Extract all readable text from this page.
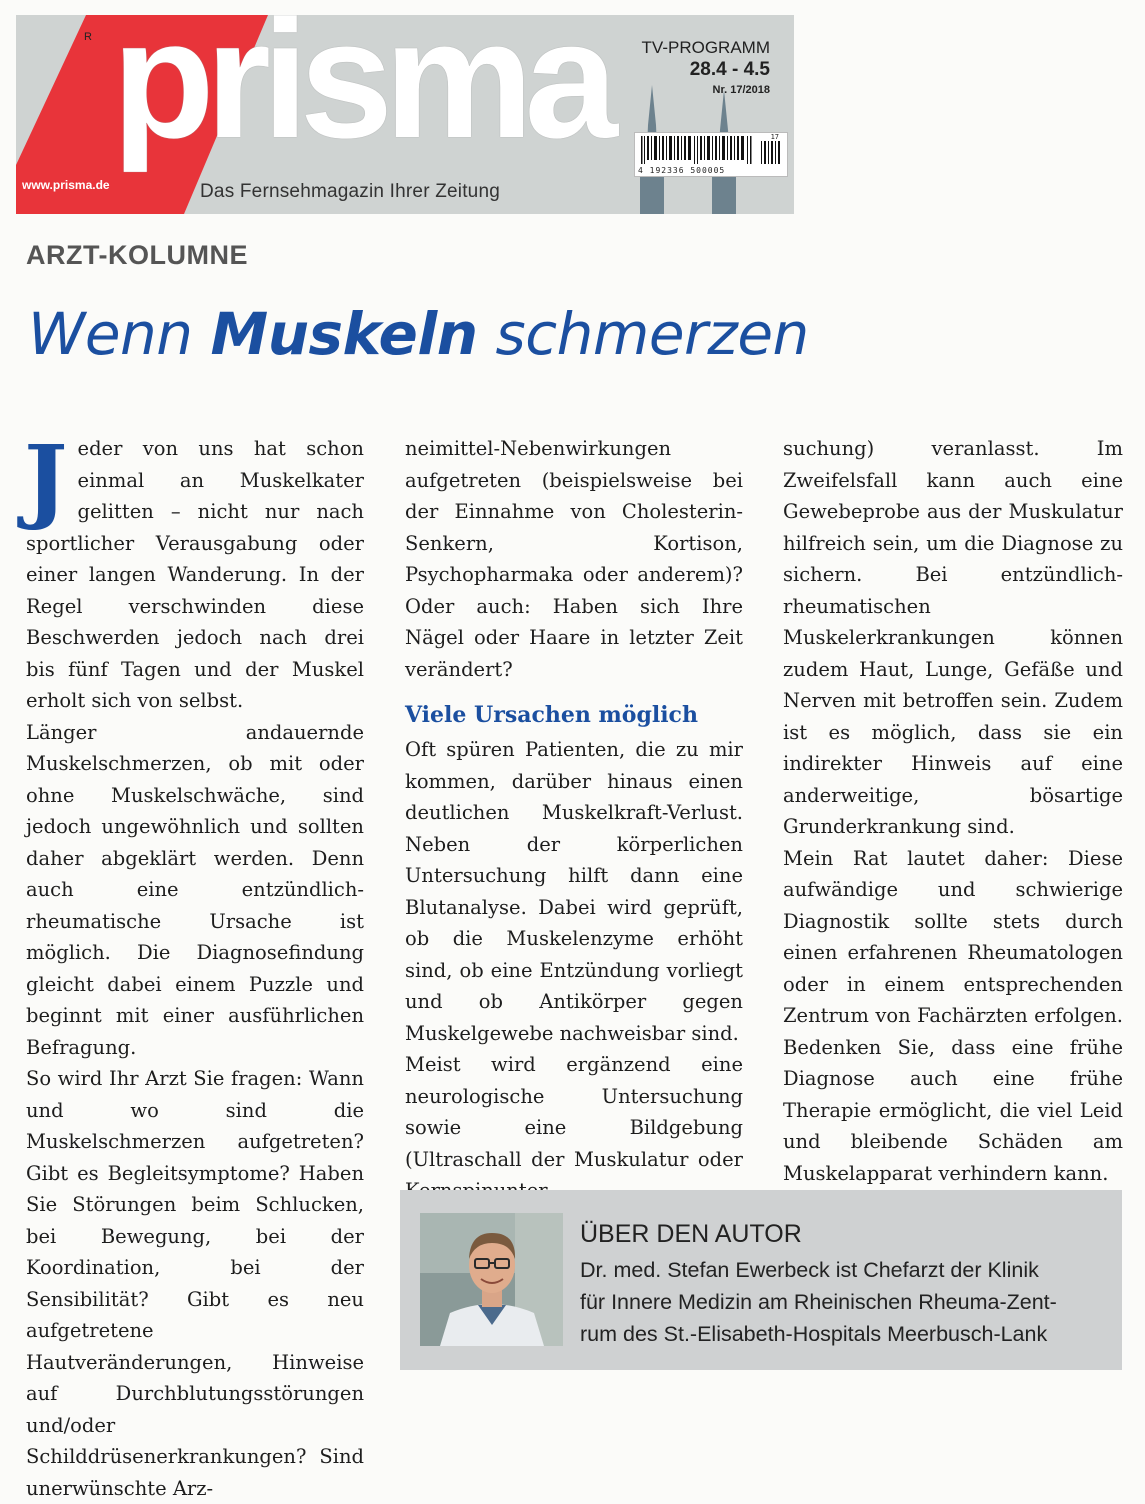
R
www.prisma.de
prisma
Das Fernsehmagazin Ihrer Zeitung
TV-PROGRAMM
28.4 - 4.5
Nr. 17/2018
4 192336 500005
17
ARZT-KOLUMNE
Wenn Muskeln schmerzen

Jeder von uns hat schon einmal an Muskelkater gelitten – nicht nur nach sportlicher Verausgabung oder einer langen Wanderung. In der Regel verschwinden diese Beschwerden jedoch nach drei bis fünf Tagen und der Muskel erholt sich von selbst.

Länger andauernde Muskelschmerzen, ob mit oder ohne Muskelschwäche, sind jedoch ungewöhnlich und sollten daher abgeklärt werden. Denn auch eine entzündlich-rheumatische Ursache ist möglich. Die Diagnosefindung gleicht dabei einem Puzzle und beginnt mit einer ausführlichen Befragung.

So wird Ihr Arzt Sie fragen: Wann und wo sind die Muskelschmerzen aufgetreten? Gibt es Begleitsymptome? Haben Sie Störungen beim Schlucken, bei Bewegung, bei der Koordination, bei der Sensibilität? Gibt es neu aufgetretene Hautveränderungen, Hinweise auf Durchblutungsstörungen und/oder Schilddrüsenerkrankungen? Sind unerwünschte Arz-

neimittel-Nebenwirkungen aufgetreten (beispielsweise bei der Einnahme von Cholesterin-Senkern, Kortison, Psychopharmaka oder anderem)? Oder auch: Haben sich Ihre Nägel oder Haare in letzter Zeit verändert?

Viele Ursachen möglich

Oft spüren Patienten, die zu mir kommen, darüber hinaus einen deutlichen Muskelkraft-Verlust. Neben der körperlichen Untersuchung hilft dann eine Blutanalyse. Dabei wird geprüft, ob die Muskelenzyme erhöht sind, ob eine Entzündung vorliegt und ob Antikörper gegen Muskelgewebe nachweisbar sind.

Meist wird ergänzend eine neurologische Untersuchung sowie eine Bildgebung (Ultraschall der Muskulatur oder

suchung) veranlasst. Im Zweifelsfall kann auch eine Gewebeprobe aus der Muskulatur hilfreich sein, um die Diagnose zu sichern. Bei entzündlich-rheumatischen Muskelerkrankungen können zudem Haut, Lunge, Gefäße und Nerven mit betroffen sein. Zudem ist es möglich, dass sie ein indirekter Hinweis auf eine anderweitige, bösartige Grunderkrankung sind.

Mein Rat lautet daher: Diese aufwändige und schwierige Diagnostik sollte stets durch einen erfahrenen Rheumatologen oder in einem entsprechenden Zentrum von Fachärzten erfolgen. Bedenken Sie, dass eine frühe Diagnose auch eine frühe Therapie ermöglicht, die viel Leid und bleibende Schäden am Muskelapparat verhindern kann.

ÜBER DEN AUTOR
Dr. med. Stefan Ewerbeck ist Chefarzt der Klinik
für Innere Medizin am Rheinischen Rheuma-Zent-
rum des St.-Elisabeth-Hospitals Meerbusch-Lank
